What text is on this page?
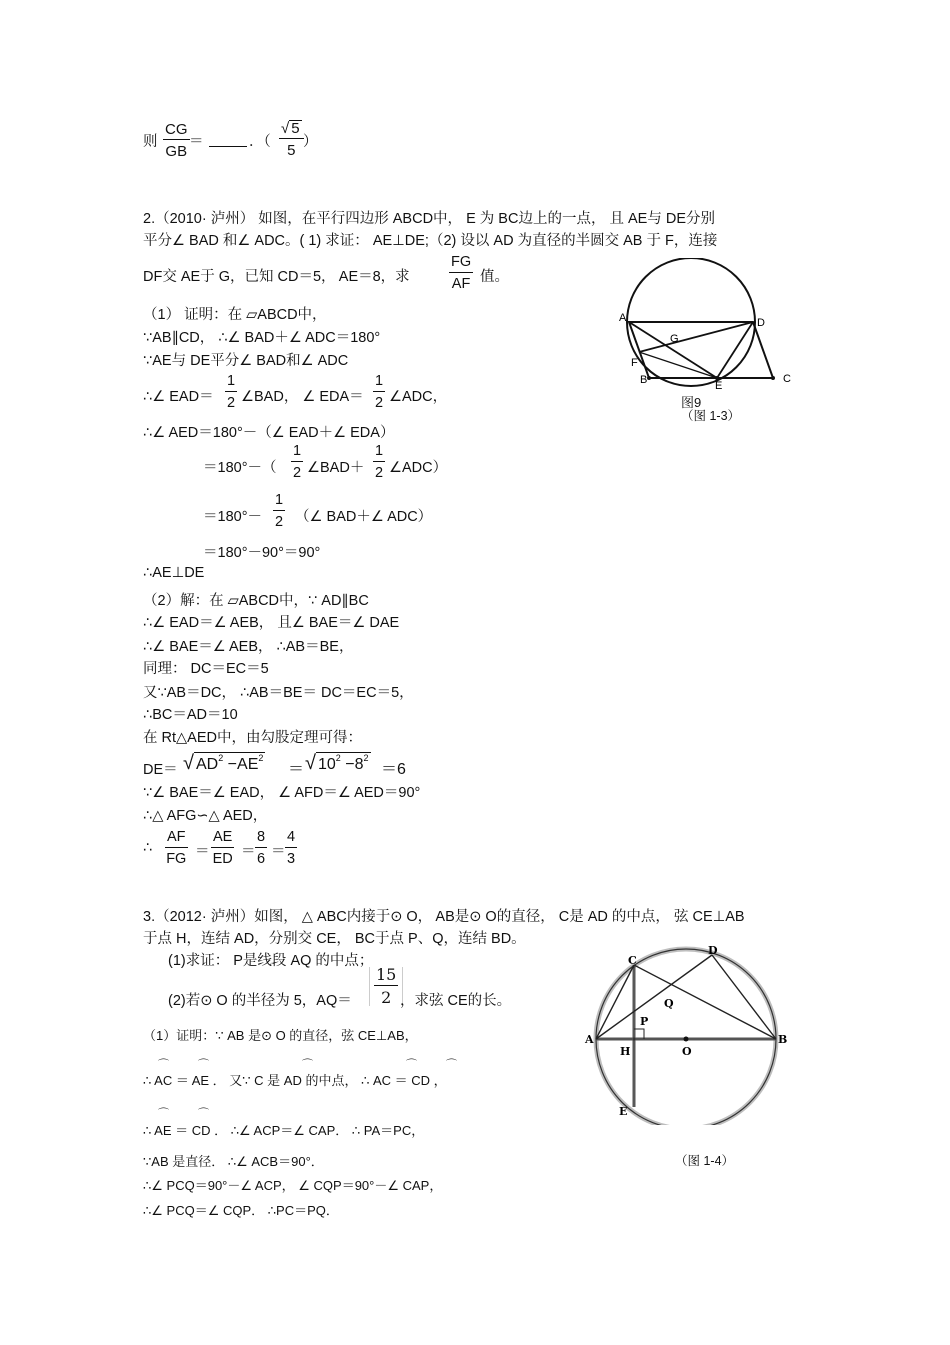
则 $\frac{CG}{GB}$ ＝
	．（ $\frac{√ 5}{5}$ ）
2.（2010· 泸州） 如图，在平行四边形 ABCD中， E 为 BC边上的一点， 且 AE与 DE分别
平分∠ BAD 和∠ ADC。( 1) 求证： AE⊥DE;（2) 设以 AD 为直径的半圆交 AB 于 F，连接
DF交 AE于 G，已知 CD＝5， AE＝8，求	$\frac{FG}{AF}$ 值。
（1） 证明：在 ▱ABCD中，
∵AB∥CD， ∴∠ BAD＋∠ ADC＝180°
∵AE与 DE平分∠ BAD和∠ ADC
∴∠ $EAD= \frac{1}{2}$ ∠BAD， ∠ $EDA= \frac{1}{2}$ ∠ADC，
∴∠ AED＝180°－（∠ EAD＋∠ EDA）
$=180^\circ-( \frac{1}{2}$ ∠BAD＋ $\frac{1}{2}$ ∠ADC）
$=180^\circ- \frac{1}{2}$ （∠ BAD＋∠ ADC）
＝180°－90°＝90°
∴AE⊥DE
（2）解：在 ▱ABCD中，∵ AD∥BC
∴∠ EAD＝∠ AEB， 且∠ BAE＝∠ DAE
∴∠ BAE＝∠ AEB， ∴AB＝BE，
同理： DC＝EC＝5
又∵AB＝DC， ∴AB＝BE＝ DC＝EC＝5，
∴BC＝AD＝10
在 Rt△AED中，由勾股定理可得：
DE＝ √ $AD^2 -AE^2$
＝ √ $10^2 -8^2$
＝6
∵∠ BAE＝∠ EAD， ∠ AFD＝∠ AED＝90°
∴△ AFG∽△ AED，
∴ $\frac{AF}{FG} = \frac{AE}{ED} = \frac{8}{6} = \frac{4}{3}$
A	D
G
F
B	E
C
图9
（图 1-3）
3.（2012· 泸州）如图， △ ABC内接于⊙ O， AB是⊙ O的直径， C是 AD 的中点， 弦 CE⊥AB
于点 H，连结 AD，分别交 CE， BC于点 P、Q，连结 BD。
(1)求证： P是线段 AQ 的中点；
(2)若⊙ O 的半径为 5，$AQ= \frac{15}{2}$
，求弦 CE的长。
（1）证明：∵ AB 是⊙ O 的直径，弦 CE⊥AB，
⌒	⌒	⌒	⌒	⌒
∴ AC ＝ AE ． 又∵ C 是 AD 的中点， ∴ AC ＝ CD ，
⌒	⌒
∴ AE ＝ CD ． ∴∠ ACP＝∠ CAP． ∴ PA＝PC，
∵AB 是直径． ∴∠ ACB＝90°．
∴∠ PCQ＝90°－∠ ACP， ∠ CQP＝90°－∠ CAP，
∴∠ PCQ＝∠ CQP． ∴PC＝PQ．
C
D
Q
P
A	B
H	O
E
（图 1-4）
